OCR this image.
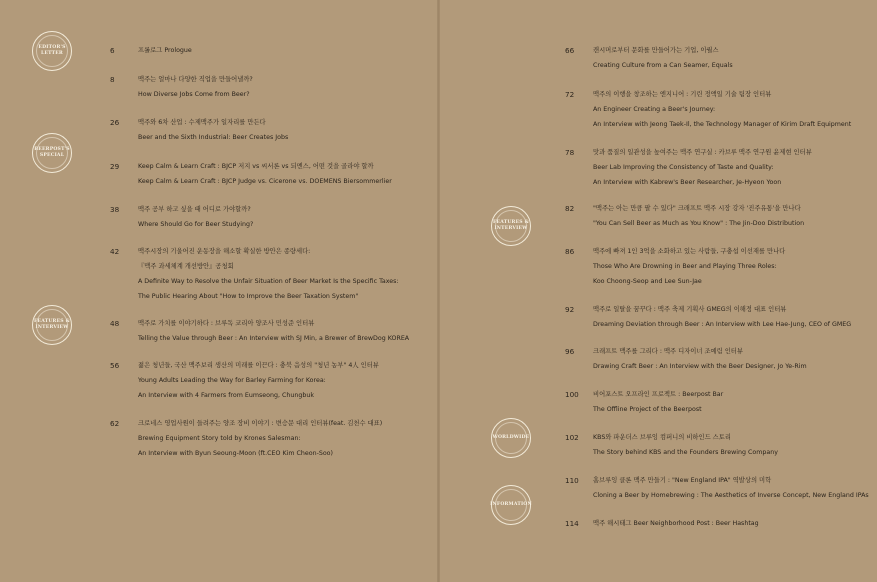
EDITOR'S
LETTER
BEERPOST'S
SPECIAL
FEATURES &
INTERVIEW
6	프롤로그 Prologue
8	맥주는 얼마나 다양한 직업을 만들어낼까?
How Diverse Jobs Come from Beer?
26	맥주와 6차 산업 : 수제맥주가 일자리를 만든다
Beer and the Sixth Industrial: Beer Creates Jobs
29	Keep Calm & Learn Craft : BJCP 저지 vs 씨서론 vs 되멘스, 어떤 것을 골라야 할까
Keep Calm & Learn Craft : BJCP Judge vs. Cicerone vs. DOEMENS Biersommerlier
38	맥주 공부 하고 싶을 때 어디로 가야할까?
Where Should Go for Beer Studying?
42	맥주시장의 기울어진 운동장을 해소할 확실한 방안은 종량세다:
『맥주 과세체계 개선방안』공청회
A Definite Way to Resolve the Unfair Situation of Beer Market Is the Specific Taxes:
The Public Hearing About "How to Improve the Beer Taxation System"
48	맥주로 가치를 이야기하다 : 브루독 코리아 양조사 민성준 인터뷰
Telling the Value through Beer : An Interview with SJ Min, a Brewer of BrewDog KOREA
56	젊은 청년들, 국산 맥주보리 생산의 미래를 이끈다 : 충북 음성의 "청년 농부" 4人 인터뷰
Young Adults Leading the Way for Barley Farming for Korea:
An Interview with 4 Farmers from Eumseong, Chungbuk
62	크로네스 영업사원이 들려주는 양조 장비 이야기 : 변승문 대리 인터뷰(feat. 김천수 대표)
Brewing Equipment Story told by Krones Salesman:
An Interview with Byun Seoung-Moon (ft.CEO Kim Cheon-Soo)
FEATURES &
INTERVIEW
WORLDWIDE
INFORMATION
66	캔시머로부터 문화를 만들어가는 기업, 이퀄스
Creating Culture from a Can Seamer, Equals
72	맥주의 이행을 창조하는 엔지니어 : 기린 정액일 기술 팀장 인터뷰
An Engineer Creating a Beer's Journey:
An Interview with Jeong Taek-Il, the Technology Manager of Kirim Draft Equipment
78	맛과 품질의 일관성을 높여주는 맥주 연구실 : 카브루 맥주 연구원 윤제현 인터뷰
Beer Lab Improving the Consistency of Taste and Quality:
An Interview with Kabrew's Beer Researcher, Je-Hyeon Yoon
82	"맥주는 아는 만큼 팔 수 있다" 크래프트 맥주 시장 강자 '진주유통'을 만나다
"You Can Sell Beer as Much as You Know" : The Jin-Doo Distribution
86	맥주에 빠져 1인 3억을 소화하고 있는 사람들, 구충섭 이선재를 만나다
Those Who Are Drowning in Beer and Playing Three Roles:
Koo Choong-Seop and Lee Sun-Jae
92	맥주로 일탈을 꿈꾸다 : 맥주 축제 기획사 GMEG의 이해정 대표 인터뷰
Dreaming Deviation through Beer : An Interview with Lee Hae-Jung, CEO of GMEG
96	크래프트 맥주를 그리다 : 맥주 디자이너 조예림 인터뷰
Drawing Craft Beer : An Interview with the Beer Designer, Jo Ye-Rim
100	비어포스트 오프라인 프로젝트 : Beerpost Bar
The Offline Project of the Beerpost
102	KBS와 파운더스 브루잉 컴퍼니의 비하인드 스토리
The Story behind KBS and the Founders Brewing Company
110	홈브루잉 클론 맥주 만들기 : "New England IPA" 역발상의 미학
Cloning a Beer by Homebrewing : The Aesthetics of Inverse Concept, New England IPAs
114	맥주 해시태그 Beer Neighborhood Post : Beer Hashtag
